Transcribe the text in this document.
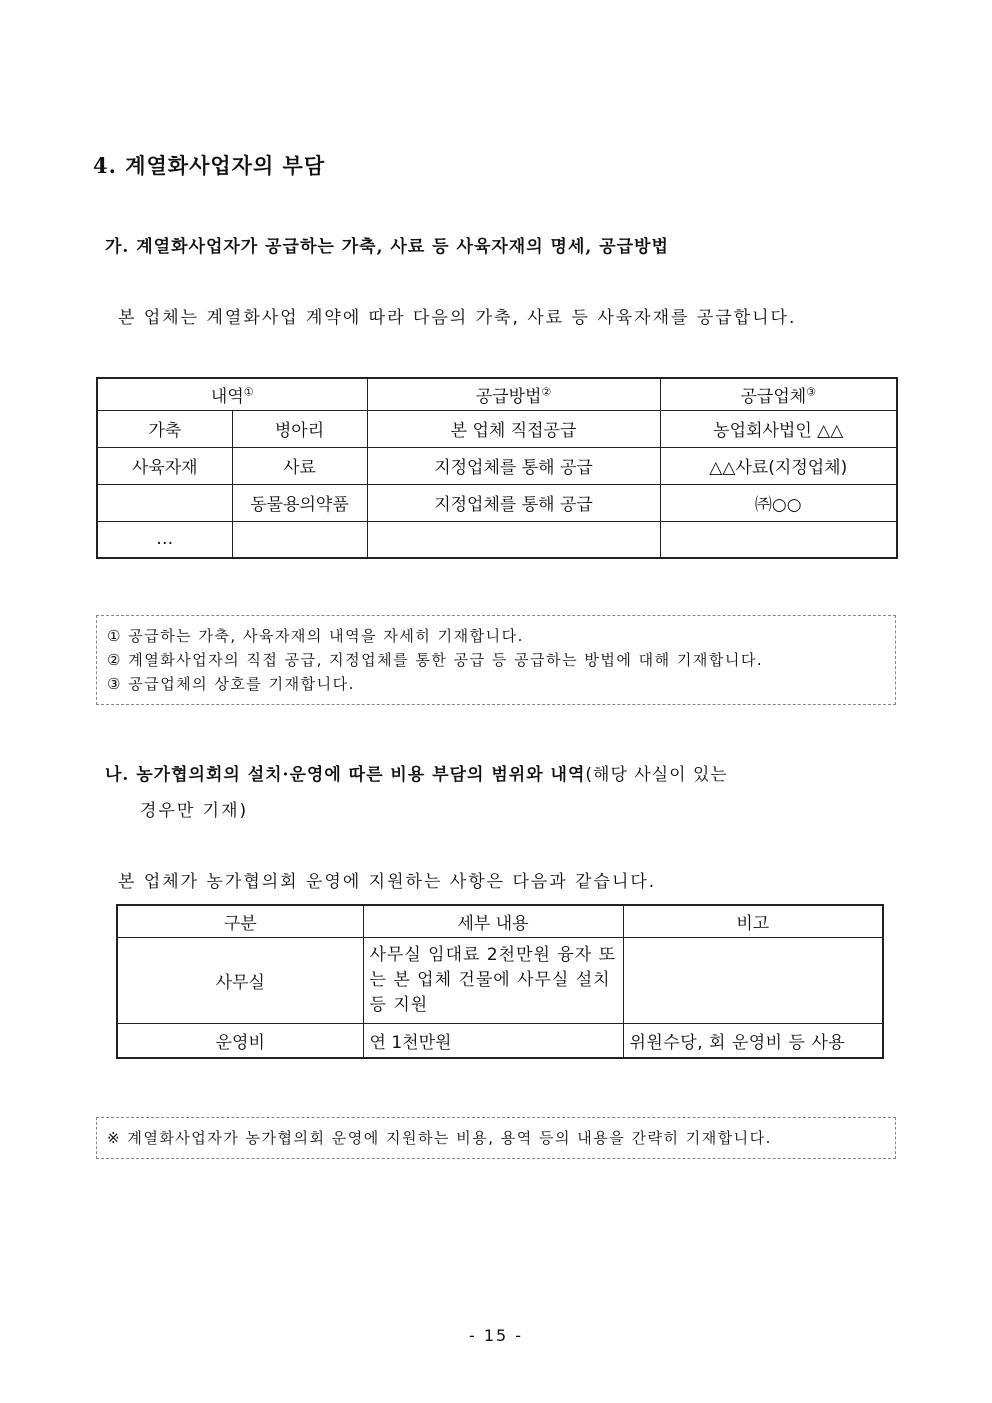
4. 계열화사업자의 부담
가. 계열화사업자가 공급하는 가축, 사료 등 사육자재의 명세, 공급방법

본 업체는 계열화사업 계약에 따라 다음의 가축, 사료 등 사육자재를 공급합니다.

내역①		공급방법②	공급업체③
가축	병아리	본 업체 직접공급	농업회사법인 △△
사육자재	사료	지정업체를 통해 공급	△△사료(지정업체)
	동물용의약품	지정업체를 통해 공급	㈜○○
…			
① 공급하는 가축, 사육자재의 내역을 자세히 기재합니다.
② 계열화사업자의 직접 공급, 지정업체를 통한 공급 등 공급하는 방법에 대해 기재합니다.
③ 공급업체의 상호를 기재합니다.
나. 농가협의회의 설치·운영에 따른 비용 부담의 범위와 내역(해당 사실이 있는
경우만 기재)

본 업체가 농가협의회 운영에 지원하는 사항은 다음과 같습니다.

구분	세부 내용	비고
사무실	사무실 임대료 2천만원 융자 또는 본 업체 건물에 사무실 설치 등 지원	
운영비	연 1천만원	위원수당, 회 운영비 등 사용
※ 계열화사업자가 농가협의회 운영에 지원하는 비용, 용역 등의 내용을 간략히 기재합니다.
- 15 -
